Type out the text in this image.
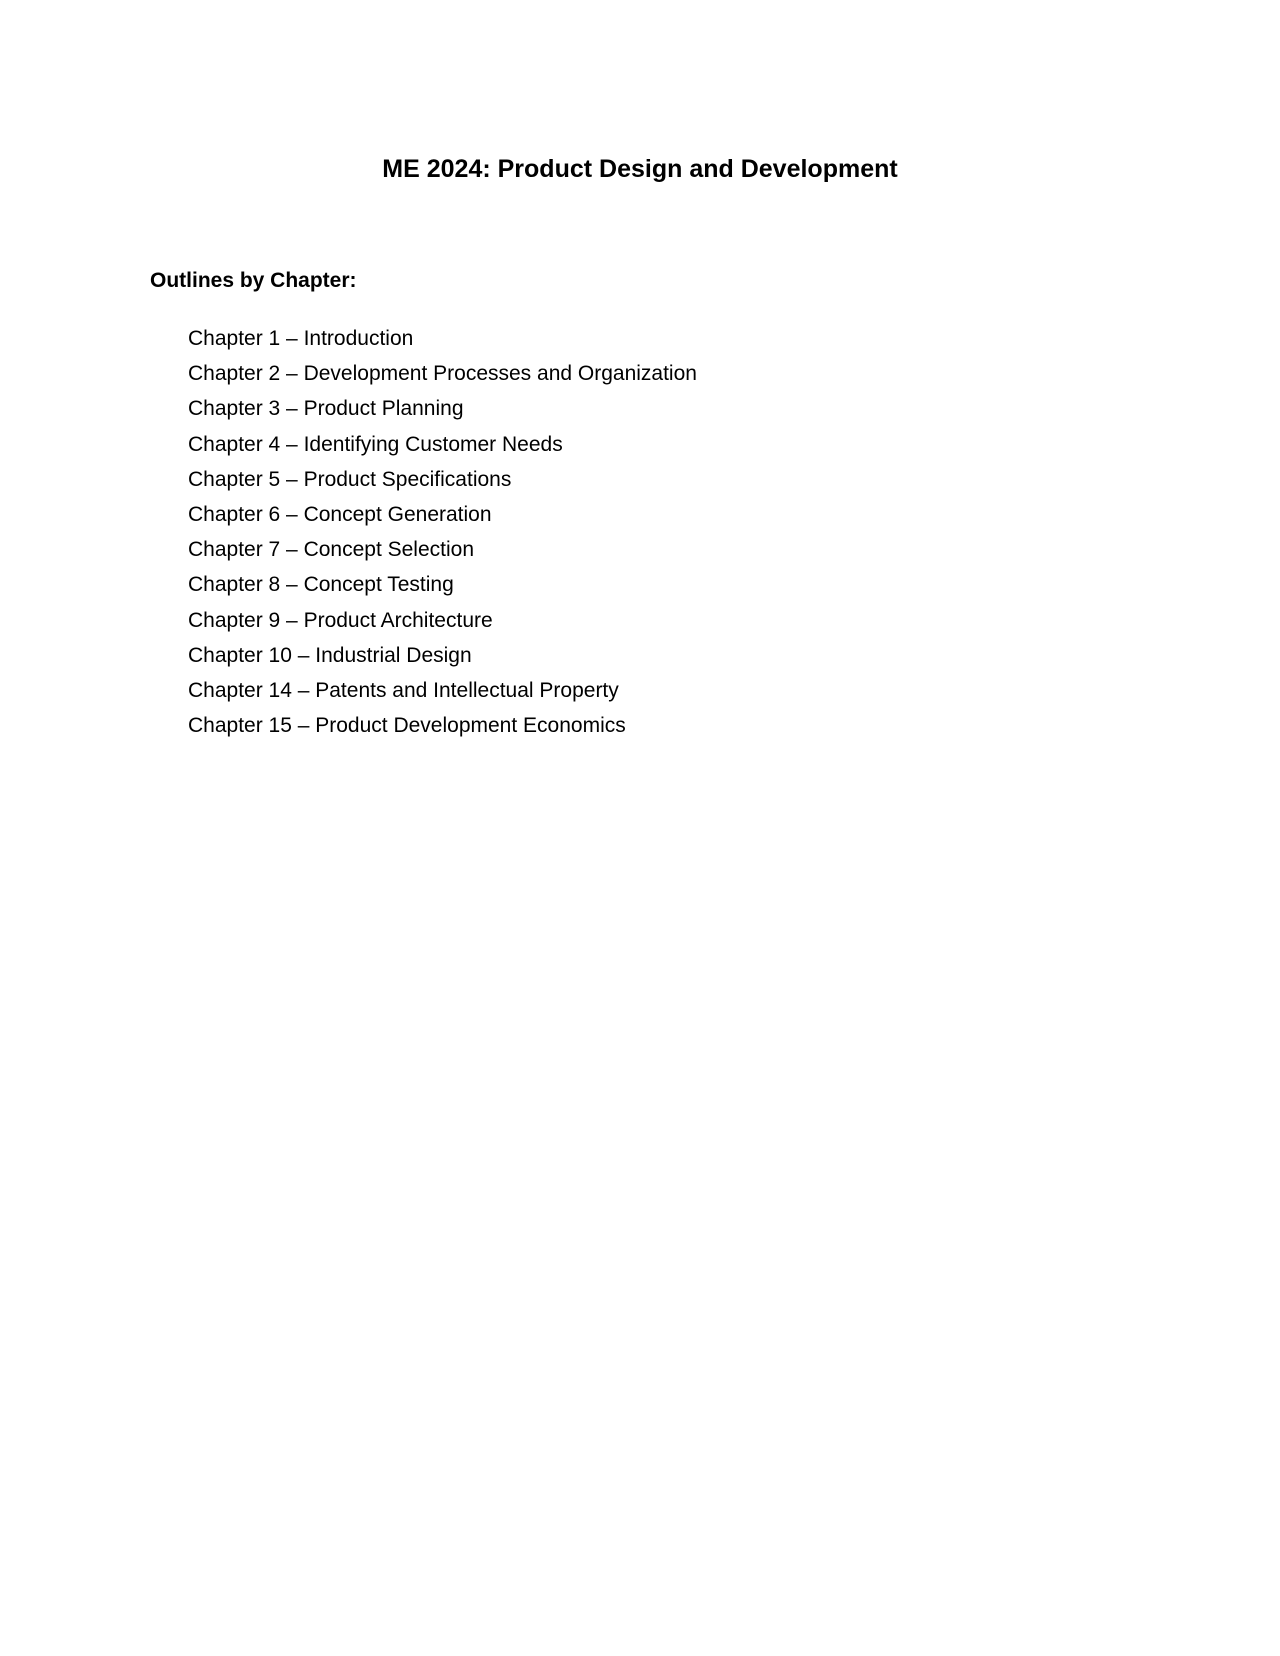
ME 2024: Product Design and Development
Outlines by Chapter:
Chapter 1 – Introduction
Chapter 2 – Development Processes and Organization
Chapter 3 – Product Planning
Chapter 4 – Identifying Customer Needs
Chapter 5 – Product Specifications
Chapter 6 – Concept Generation
Chapter 7 – Concept Selection
Chapter 8 – Concept Testing
Chapter 9 – Product Architecture
Chapter 10 – Industrial Design
Chapter 14 – Patents and Intellectual Property
Chapter 15 – Product Development Economics
